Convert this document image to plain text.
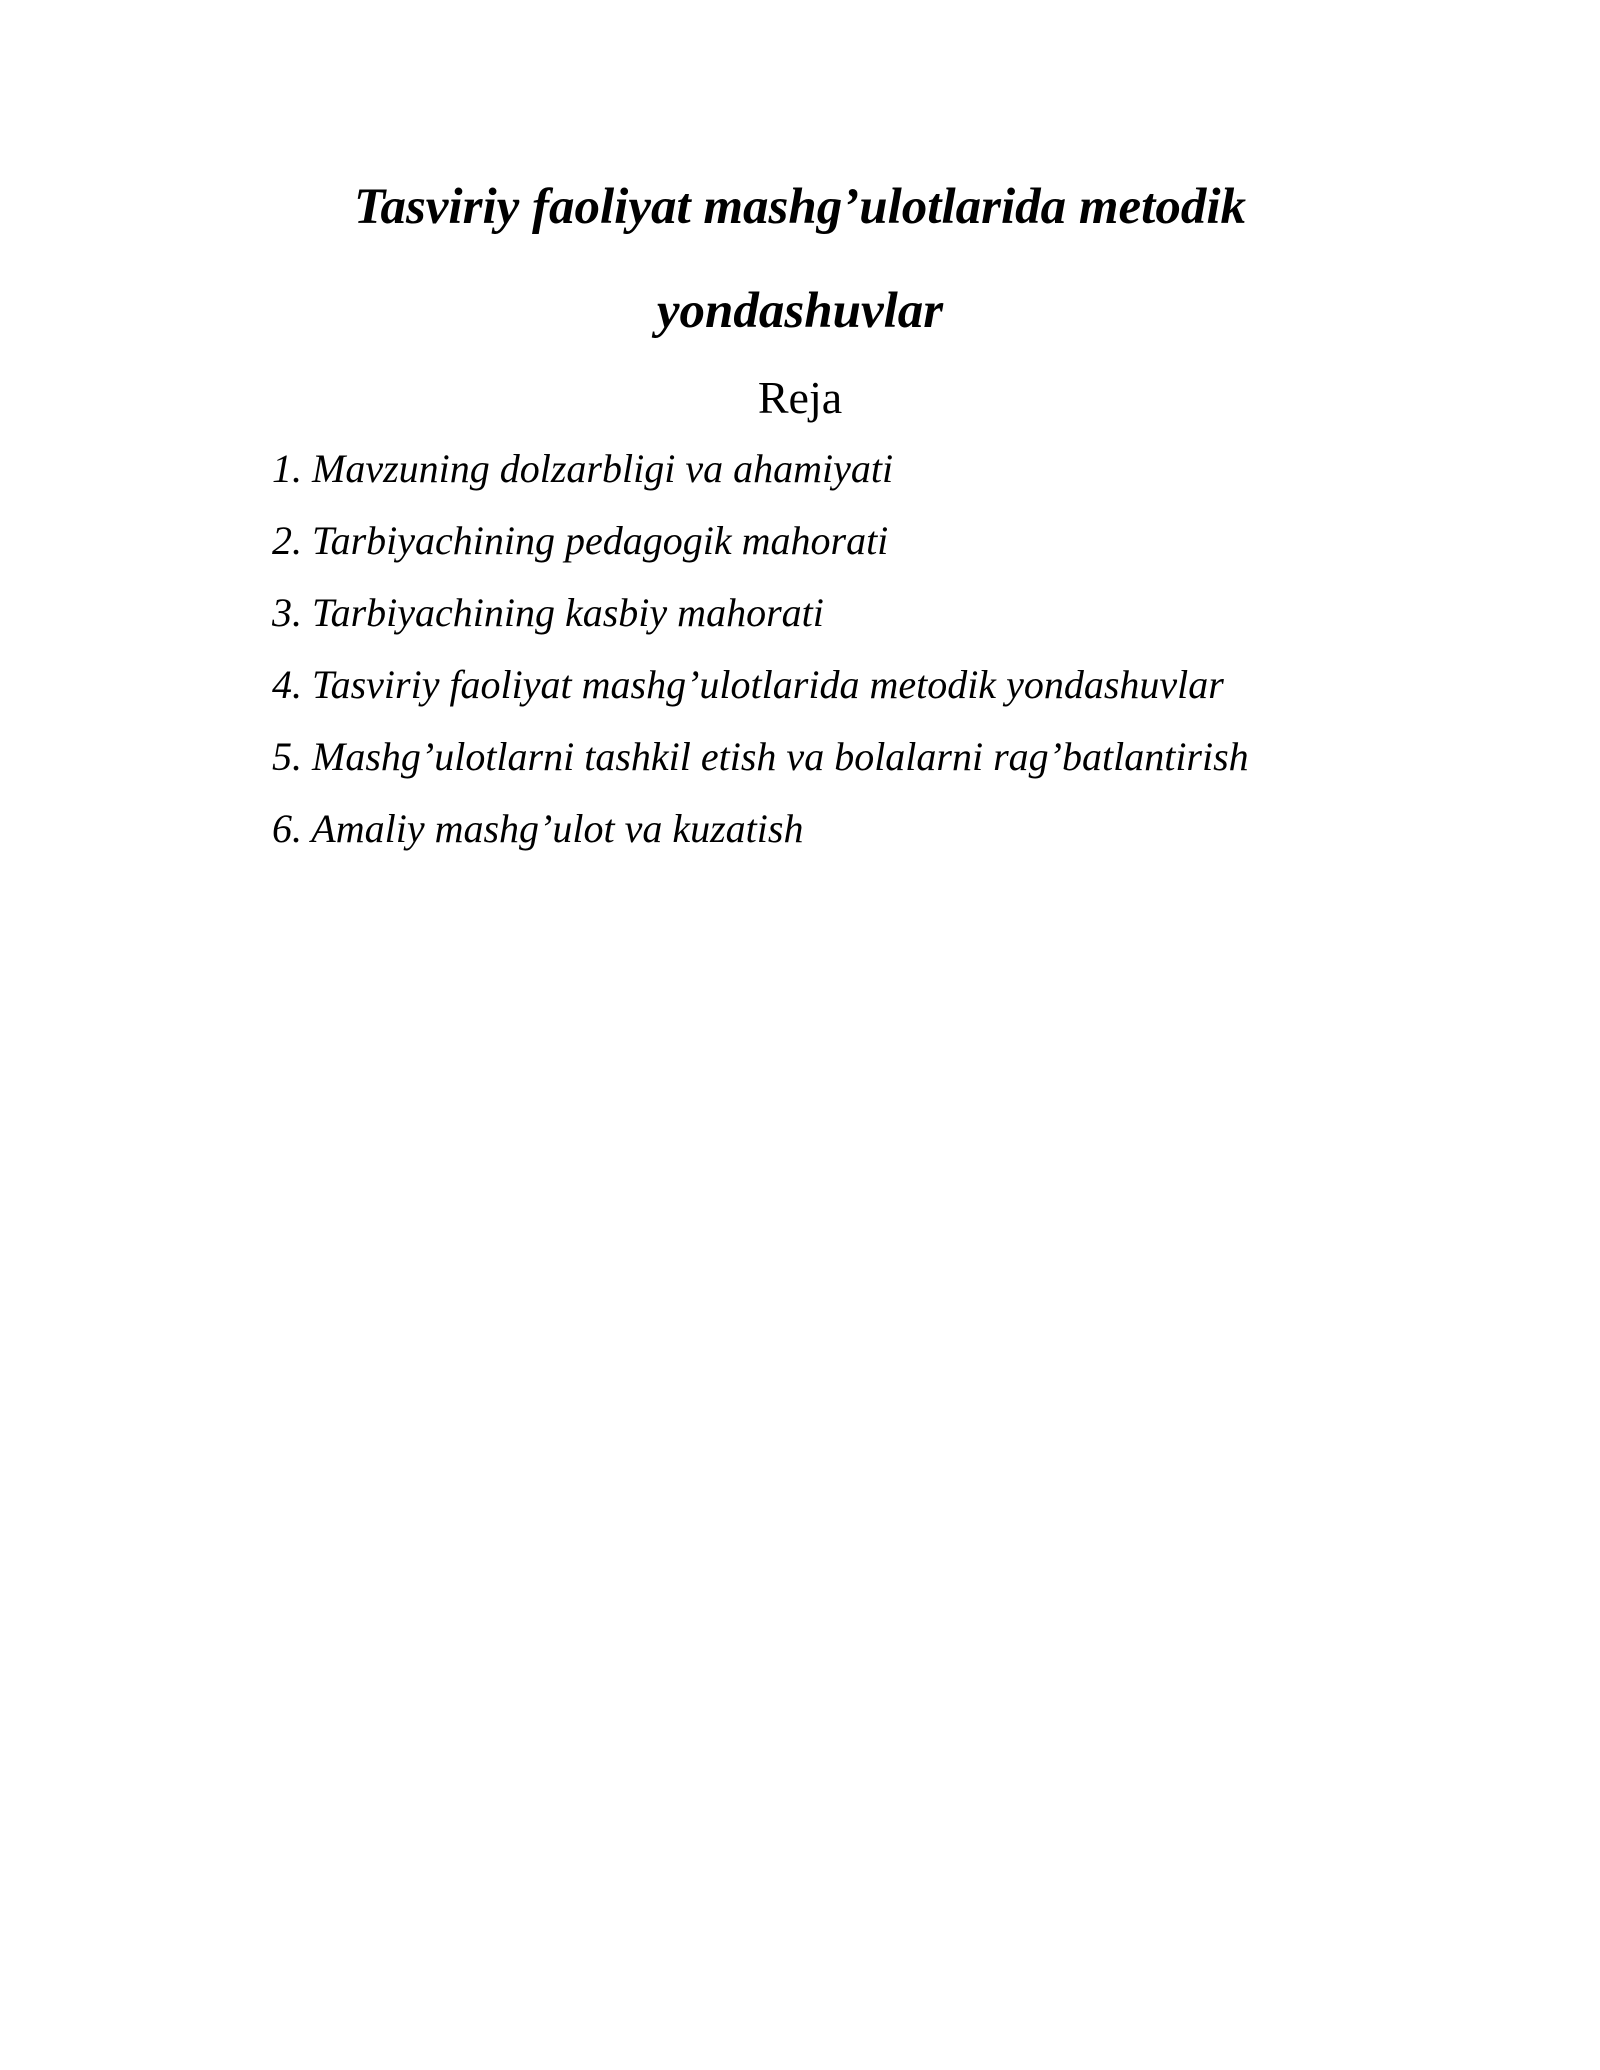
Tasviriy faoliyat mashg’ulotlarida metodik

yondashuvlar

Reja

1. Mavzuning dolzarbligi va ahamiyati
2. Tarbiyachining pedagogik mahorati
3. Tarbiyachining kasbiy mahorati
4. Tasviriy faoliyat mashg’ulotlarida metodik yondashuvlar
5. Mashg’ulotlarni tashkil etish va bolalarni rag’batlantirish
6. Amaliy mashg’ulot va kuzatish
